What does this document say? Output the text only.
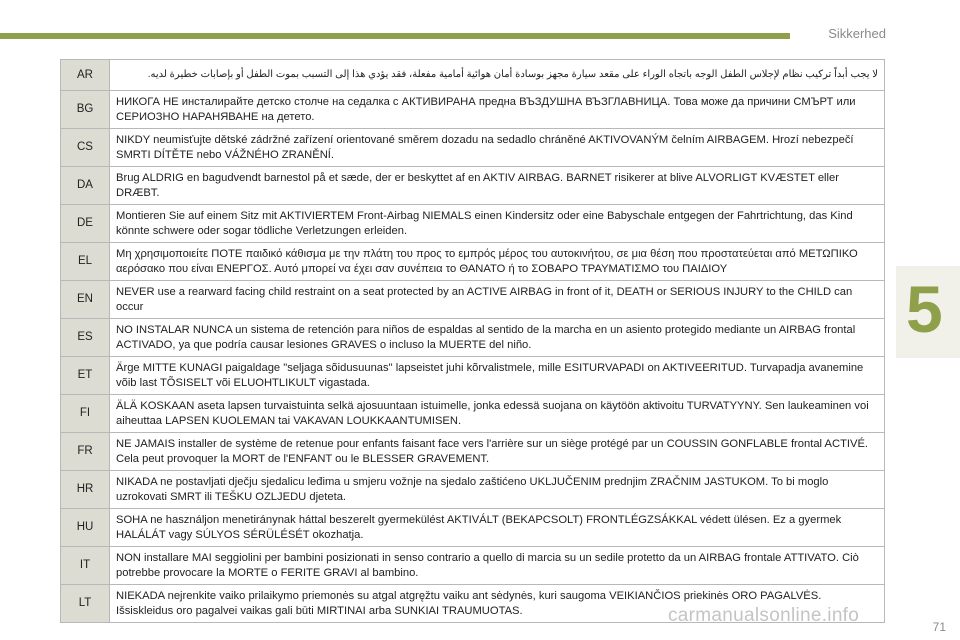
Sikkerhed
5
AR	لا يجب أبداً تركيب نظام لإجلاس الطفل الوجه باتجاه الوراء على مقعد سيارة مجهز بوسادة أمان هوائية أمامية مفعلة، فقد يؤدي هذا إلى التسبب بموت الطفل أو بإصابات خطيرة لديه.
BG	НИКОГА НЕ инсталирайте детско столче на седалка с АКТИВИРАНА предна ВЪЗДУШНА ВЪЗГЛАВНИЦА. Това може да причини СМЪРТ или СЕРИОЗНО НАРАНЯВАНЕ на детето.
CS	NIKDY neumisťujte dětské zádržné zařízení orientované směrem dozadu na sedadlo chráněné AKTIVOVANÝM čelním AIRBAGEM. Hrozí nebezpečí SMRTI DÍTĚTE nebo VÁŽNÉHO ZRANĚNÍ.
DA	Brug ALDRIG en bagudvendt barnestol på et sæde, der er beskyttet af en AKTIV AIRBAG. BARNET risikerer at blive ALVORLIGT KVÆSTET eller DRÆBT.
DE	Montieren Sie auf einem Sitz mit AKTIVIERTEM Front-Airbag NIEMALS einen Kindersitz oder eine Babyschale entgegen der Fahrtrichtung, das Kind könnte schwere oder sogar tödliche Verletzungen erleiden.
EL	Μη χρησιμοποιείτε ΠΟΤΕ παιδικό κάθισμα με την πλάτη του προς το εμπρός μέρος του αυτοκινήτου, σε μια θέση που προστατεύεται από ΜΕΤΩΠΙΚΟ αερόσακο που είναι ΕΝΕΡΓΟΣ. Αυτό μπορεί να έχει σαν συνέπεια το ΘΑΝΑΤΟ ή το ΣΟΒΑΡΟ ΤΡΑΥΜΑΤΙΣΜΟ του ΠΑΙΔΙΟΥ
EN	NEVER use a rearward facing child restraint on a seat protected by an ACTIVE AIRBAG in front of it, DEATH or SERIOUS INJURY to the CHILD can occur
ES	NO INSTALAR NUNCA un sistema de retención para niños de espaldas al sentido de la marcha en un asiento protegido mediante un AIRBAG frontal ACTIVADO, ya que podría causar lesiones GRAVES o incluso la MUERTE del niño.
ET	Ärge MITTE KUNAGI paigaldage "seljaga sõidusuunas" lapseistet juhi kõrvalistmele, mille ESITURVAPADI on AKTIVEERITUD. Turvapadja avanemine võib last TÕSISELT või ELUOHTLIKULT vigastada.
FI	ÄLÄ KOSKAAN aseta lapsen turvaistuinta selkä ajosuuntaan istuimelle, jonka edessä suojana on käytöön aktivoitu TURVATYYNY. Sen laukeaminen voi aiheuttaa LAPSEN KUOLEMAN tai VAKAVAN LOUKKAANTUMISEN.
FR	NE JAMAIS installer de système de retenue pour enfants faisant face vers l'arrière sur un siège protégé par un COUSSIN GONFLABLE frontal ACTIVÉ. Cela peut provoquer la MORT de l'ENFANT ou le BLESSER GRAVEMENT.
HR	NIKADA ne postavljati dječju sjedalicu leđima u smjeru vožnje na sjedalo zaštićeno UKLJUČENIM prednjim ZRAČNIM JASTUKOM. To bi moglo uzrokovati SMRT ili TEŠKU OZLJEDU djeteta.
HU	SOHA ne használjon menetiránynak háttal beszerelt gyermekülést AKTIVÁLT (BEKAPCSOLT) FRONTLÉGZSÁKKAL védett ülésen. Ez a gyermek HALÁLÁT vagy SÚLYOS SÉRÜLÉSÉT okozhatja.
IT	NON installare MAI seggiolini per bambini posizionati in senso contrario a quello di marcia su un sedile protetto da un AIRBAG frontale ATTIVATO. Ciò potrebbe provocare la MORTE o FERITE GRAVI al bambino.
LT	NIEKADA nejrenkite vaiko prilaikymo priemonės su atgal atgręžtu vaiku ant sėdynės, kuri saugoma VEIKIANČIOS priekinės ORO PAGALVĖS. Išsiskleidus oro pagalvei vaikas gali būti MIRTINAI arba SUNKIAI TRAUMUOTAS.	carmanualsonline.info
71
